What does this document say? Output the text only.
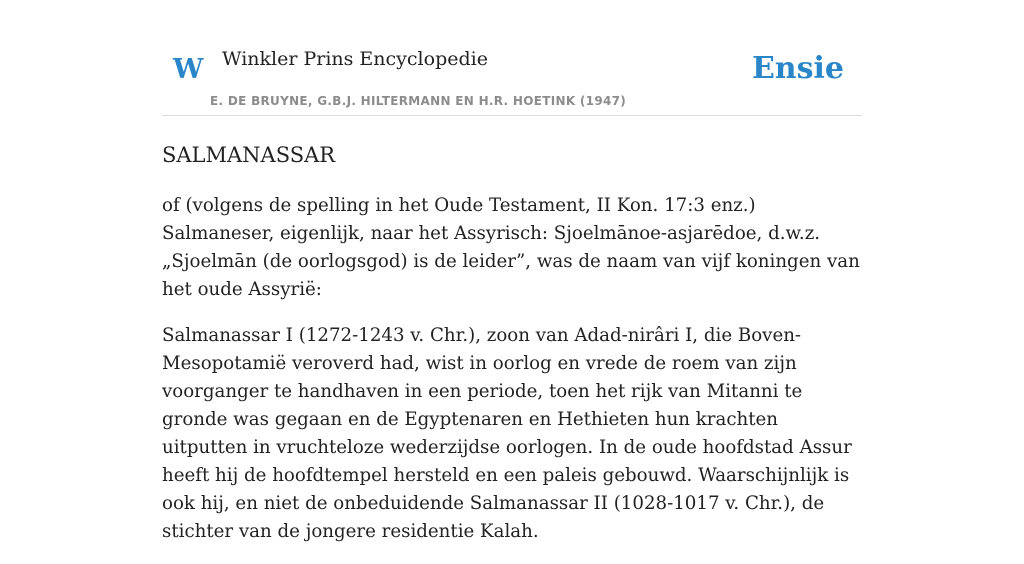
W Winkler Prins Encyclopedie
E. DE BRUYNE, G.B.J. HILTERMANN EN H.R. HOETINK (1947)
Ensie
SALMANASSAR

of (volgens de spelling in het Oude Testament, II Kon. 17:3 enz.) Salmaneser, eigenlijk, naar het Assyrisch: Sjoelmānoe-asjarēdoe, d.w.z. „Sjoelmān (de oorlogsgod) is de leider”, was de naam van vijf koningen van het oude Assyrië:

Salmanassar I (1272-1243 v. Chr.), zoon van Adad-nirâri I, die Boven-Mesopotamië veroverd had, wist in oorlog en vrede de roem van zijn voorganger te handhaven in een periode, toen het rijk van Mitanni te gronde was gegaan en de Egyptenaren en Hethieten hun krachten uitputten in vruchteloze wederzijdse oorlogen. In de oude hoofdstad Assur heeft hij de hoofdtempel hersteld en een paleis gebouwd. Waarschijnlijk is ook hij, en niet de onbeduidende Salmanassar II (1028-1017 v. Chr.), de stichter van de jongere residentie Kalah.
